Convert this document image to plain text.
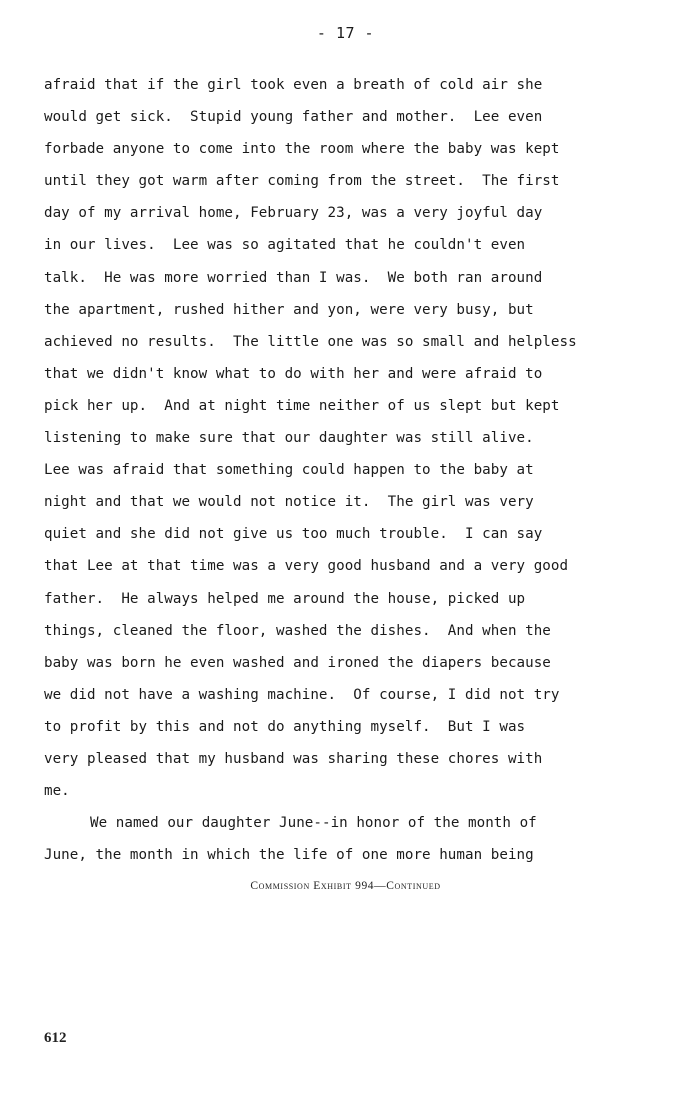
- 17 -
afraid that if the girl took even a breath of cold air she
would get sick.  Stupid young father and mother.  Lee even
forbade anyone to come into the room where the baby was kept
until they got warm after coming from the street.  The first
day of my arrival home, February 23, was a very joyful day
in our lives.  Lee was so agitated that he couldn't even
talk.  He was more worried than I was.  We both ran around
the apartment, rushed hither and yon, were very busy, but
achieved no results.  The little one was so small and helpless
that we didn't know what to do with her and were afraid to
pick her up.  And at night time neither of us slept but kept
listening to make sure that our daughter was still alive.
Lee was afraid that something could happen to the baby at
night and that we would not notice it.  The girl was very
quiet and she did not give us too much trouble.  I can say
that Lee at that time was a very good husband and a very good
father.  He always helped me around the house, picked up
things, cleaned the floor, washed the dishes.  And when the
baby was born he even washed and ironed the diapers because
we did not have a washing machine.  Of course, I did not try
to profit by this and not do anything myself.  But I was
very pleased that my husband was sharing these chores with
me.
We named our daughter June--in honor of the month of
June, the month in which the life of one more human being
Commission Exhibit 994—Continued
612
